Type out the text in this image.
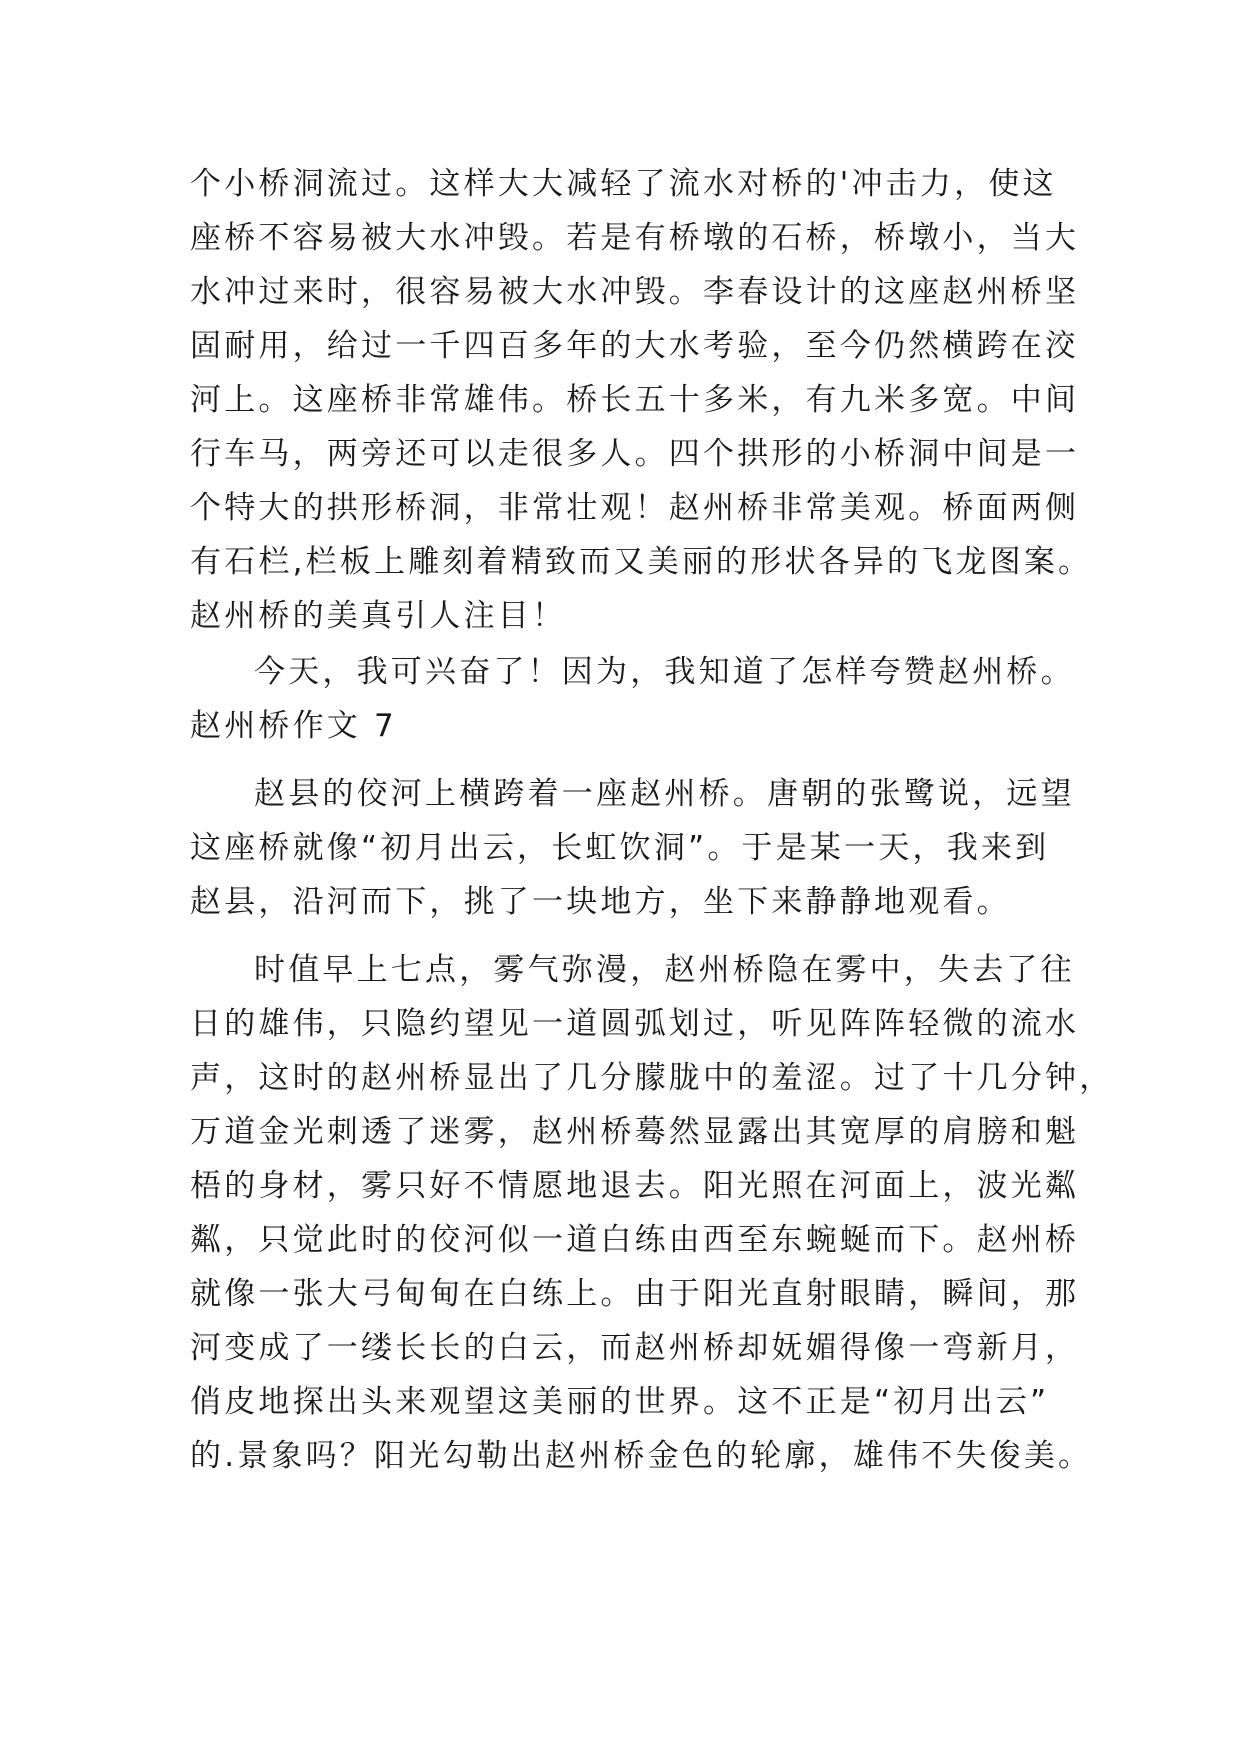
个小桥洞流过。这样大大减轻了流水对桥的'冲击力，使这
座桥不容易被大水冲毁。若是有桥墩的石桥，桥墩小，当大
水冲过来时，很容易被大水冲毁。李春设计的这座赵州桥坚
固耐用，给过一千四百多年的大水考验，至今仍然横跨在洨
河上。这座桥非常雄伟。桥长五十多米，有九米多宽。中间
行车马，两旁还可以走很多人。四个拱形的小桥洞中间是一
个特大的拱形桥洞，非常壮观！赵州桥非常美观。桥面两侧
有石栏,栏板上雕刻着精致而又美丽的形状各异的飞龙图案。
赵州桥的美真引人注目！
今天，我可兴奋了！因为，我知道了怎样夸赞赵州桥。
赵州桥作文 7
赵县的佼河上横跨着一座赵州桥。唐朝的张鹭说，远望
这座桥就像“初月出云，长虹饮洞”。于是某一天，我来到
赵县，沿河而下，挑了一块地方，坐下来静静地观看。
时值早上七点，雾气弥漫，赵州桥隐在雾中，失去了往
日的雄伟，只隐约望见一道圆弧划过，听见阵阵轻微的流水
声，这时的赵州桥显出了几分朦胧中的羞涩。过了十几分钟，
万道金光刺透了迷雾，赵州桥蓦然显露出其宽厚的肩膀和魁
梧的身材，雾只好不情愿地退去。阳光照在河面上，波光粼
粼，只觉此时的佼河似一道白练由西至东蜿蜒而下。赵州桥
就像一张大弓甸甸在白练上。由于阳光直射眼睛，瞬间，那
河变成了一缕长长的白云，而赵州桥却妩媚得像一弯新月，
俏皮地探出头来观望这美丽的世界。这不正是“初月出云”
的.景象吗？阳光勾勒出赵州桥金色的轮廓，雄伟不失俊美。
